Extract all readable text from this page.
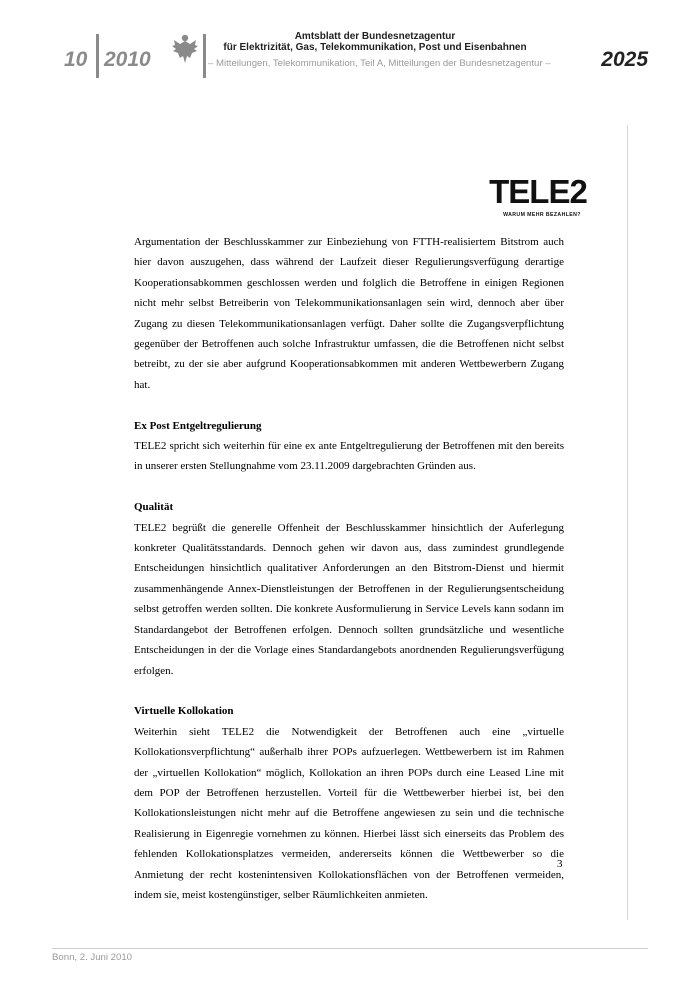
10 2010
Amtsblatt der Bundesnetzagentur
für Elektrizität, Gas, Telekommunikation, Post und Eisenbahnen
– Mitteilungen, Telekommunikation, Teil A, Mitteilungen der Bundesnetzagentur – 2025
TELE2
WARUM MEHR BEZAHLEN?

Argumentation der Beschlusskammer zur Einbeziehung von FTTH-realisiertem Bitstrom auch hier davon auszugehen, dass während der Laufzeit dieser Regulierungsverfügung derartige Kooperationsabkommen geschlossen werden und folglich die Betroffene in einigen Regionen nicht mehr selbst Betreiberin von Telekommunikationsanlagen sein wird, dennoch aber über Zugang zu diesen Telekommunikationsanlagen verfügt. Daher sollte die Zugangsverpflichtung gegenüber der Betroffenen auch solche Infrastruktur umfassen, die die Betroffenen nicht selbst betreibt, zu der sie aber aufgrund Kooperationsabkommen mit anderen Wettbewerbern Zugang hat.

Ex Post Entgeltregulierung

TELE2 spricht sich weiterhin für eine ex ante Entgeltregulierung der Betroffenen mit den bereits in unserer ersten Stellungnahme vom 23.11.2009 dargebrachten Gründen aus.

Qualität

TELE2 begrüßt die generelle Offenheit der Beschlusskammer hinsichtlich der Auferlegung konkreter Qualitätsstandards. Dennoch gehen wir davon aus, dass zumindest grundlegende Entscheidungen hinsichtlich qualitativer Anforderungen an den Bitstrom-Dienst und hiermit zusammenhängende Annex-Dienstleistungen der Betroffenen in der Regulierungsentscheidung selbst getroffen werden sollten. Die konkrete Ausformulierung in Service Levels kann sodann im Standardangebot der Betroffenen erfolgen. Dennoch sollten grundsätzliche und wesentliche Entscheidungen in der die Vorlage eines Standardangebots anordnenden Regulierungsverfügung erfolgen.

Virtuelle Kollokation

Weiterhin sieht TELE2 die Notwendigkeit der Betroffenen auch eine „virtuelle Kollokationsverpflichtung“ außerhalb ihrer POPs aufzuerlegen. Wettbewerbern ist im Rahmen der „virtuellen Kollokation“ möglich, Kollokation an ihren POPs durch eine Leased Line mit dem POP der Betroffenen herzustellen. Vorteil für die Wettbewerber hierbei ist, bei den Kollokationsleistungen nicht mehr auf die Betroffene angewiesen zu sein und die technische Realisierung in Eigenregie vornehmen zu können. Hierbei lässt sich einerseits das Problem des fehlenden Kollokationsplatzes vermeiden, andererseits können die Wettbewerber so die Anmietung der recht kostenintensiven Kollokationsflächen von der Betroffenen vermeiden, indem sie, meist kostengünstiger, selber Räumlichkeiten anmieten.

3
Bonn, 2. Juni 2010
